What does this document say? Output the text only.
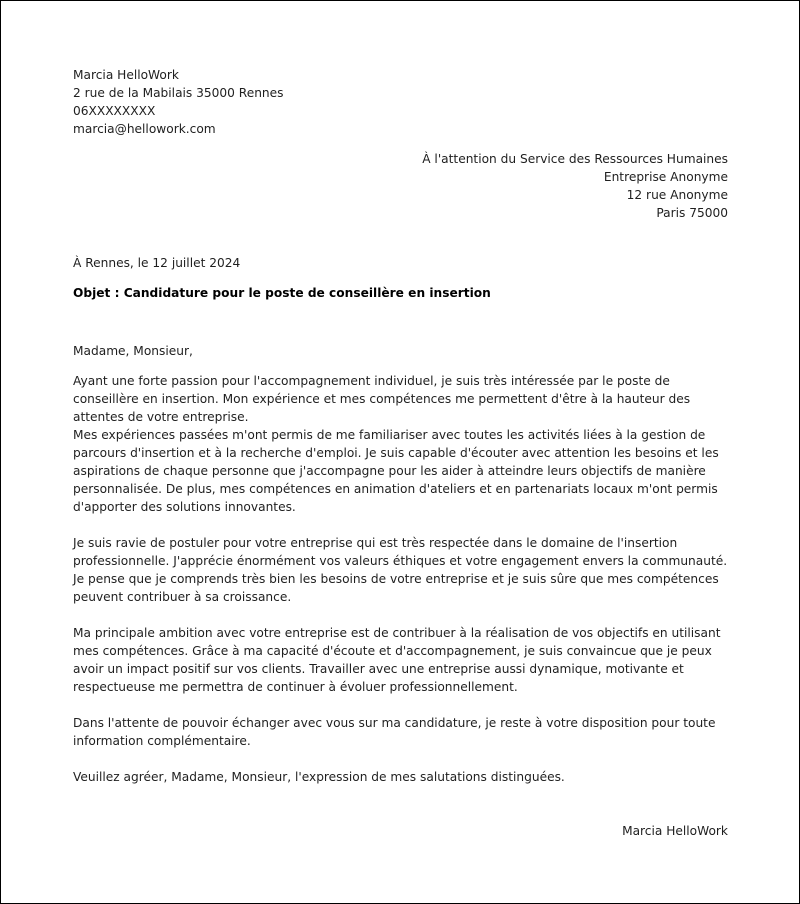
Marcia HelloWork
2 rue de la Mabilais 35000 Rennes
06XXXXXXXX
marcia@hellowork.com
À l'attention du Service des Ressources Humaines
Entreprise Anonyme
12 rue Anonyme
Paris 75000
À Rennes, le 12 juillet 2024
Objet : Candidature pour le poste de conseillère en insertion
Madame, Monsieur,

Ayant une forte passion pour l'accompagnement individuel, je suis très intéressée par le poste de conseillère en insertion. Mon expérience et mes compétences me permettent d'être à la hauteur des attentes de votre entreprise.

Mes expériences passées m'ont permis de me familiariser avec toutes les activités liées à la gestion de parcours d'insertion et à la recherche d'emploi. Je suis capable d'écouter avec attention les besoins et les aspirations de chaque personne que j'accompagne pour les aider à atteindre leurs objectifs de manière personnalisée. De plus, mes compétences en animation d'ateliers et en partenariats locaux m'ont permis d'apporter des solutions innovantes.

Je suis ravie de postuler pour votre entreprise qui est très respectée dans le domaine de l'insertion professionnelle. J'apprécie énormément vos valeurs éthiques et votre engagement envers la communauté. Je pense que je comprends très bien les besoins de votre entreprise et je suis sûre que mes compétences peuvent contribuer à sa croissance.

Ma principale ambition avec votre entreprise est de contribuer à la réalisation de vos objectifs en utilisant mes compétences. Grâce à ma capacité d'écoute et d'accompagnement, je suis convaincue que je peux avoir un impact positif sur vos clients. Travailler avec une entreprise aussi dynamique, motivante et respectueuse me permettra de continuer à évoluer professionnellement.

Dans l'attente de pouvoir échanger avec vous sur ma candidature, je reste à votre disposition pour toute information complémentaire.

Veuillez agréer, Madame, Monsieur, l'expression de mes salutations distinguées.

Marcia HelloWork
